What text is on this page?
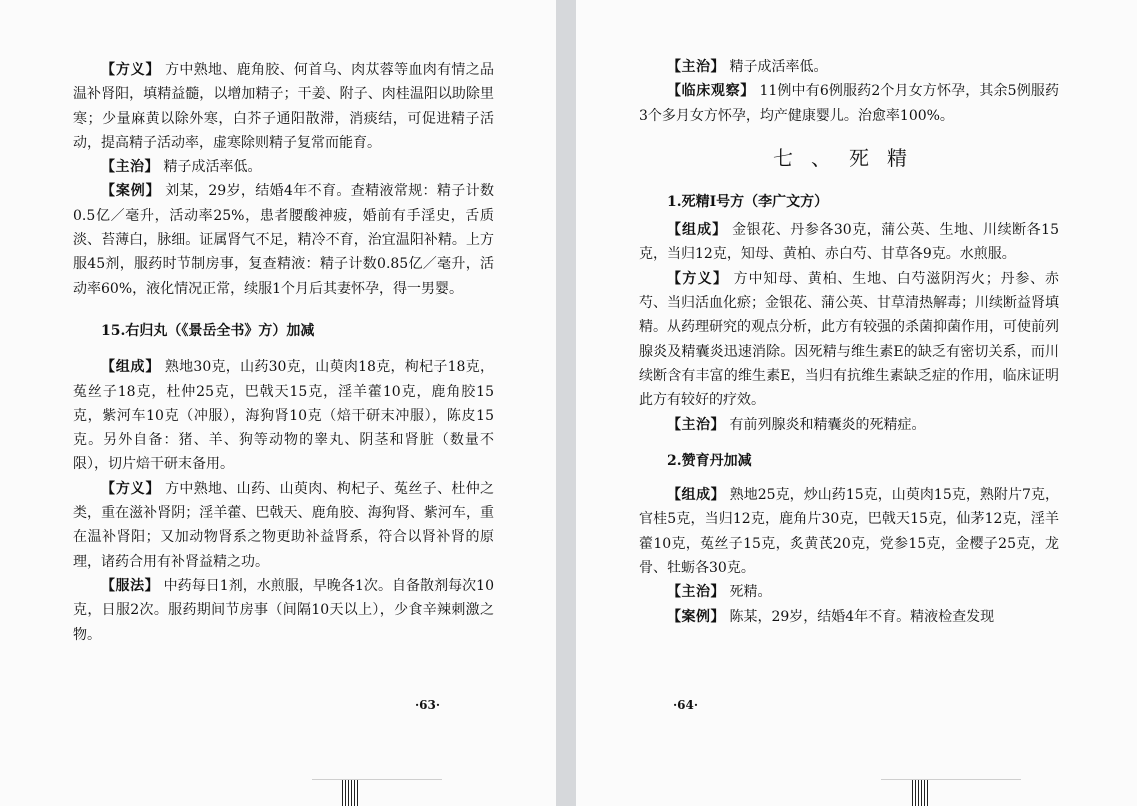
【方义】 方中熟地、鹿角胶、何首乌、肉苁蓉等血肉有情之品温补肾阳，填精益髓，以增加精子；干姜、附子、肉桂温阳以助除里寒；少量麻黄以除外寒，白芥子通阳散滞，消痰结，可促进精子活动，提高精子活动率，虚寒除则精子复常而能育。

【主治】 精子成活率低。

【案例】 刘某，29岁，结婚4年不育。查精液常规：精子计数0.5亿／毫升，活动率25%，患者腰酸神疲，婚前有手淫史，舌质淡、苔薄白，脉细。证属肾气不足，精冷不育，治宜温阳补精。上方服45剂，服药时节制房事，复查精液：精子计数0.85亿／毫升，活动率60%，液化情况正常，续服1个月后其妻怀孕，得一男婴。

15.右归丸（《景岳全书》方）加减

【组成】 熟地30克，山药30克，山萸肉18克，枸杞子18克，菟丝子18克，杜仲25克，巴戟天15克，淫羊藿10克，鹿角胶15克，紫河车10克（冲服），海狗肾10克（焙干研末冲服），陈皮15克。另外自备：猪、羊、狗等动物的睾丸、阴茎和肾脏（数量不限），切片焙干研末备用。

【方义】 方中熟地、山药、山萸肉、枸杞子、菟丝子、杜仲之类，重在滋补肾阴；淫羊藿、巴戟天、鹿角胶、海狗肾、紫河车，重在温补肾阳；又加动物肾系之物更助补益肾系，符合以肾补肾的原理，诸药合用有补肾益精之功。

【服法】 中药每日1剂，水煎服，早晚各1次。自备散剂每次10克，日服2次。服药期间节房事（间隔10天以上），少食辛辣刺激之物。

·63·

【主治】 精子成活率低。

【临床观察】 11例中有6例服药2个月女方怀孕，其余5例服药3个多月女方怀孕，均产健康婴儿。治愈率100%。

七、死精

1.死精Ⅰ号方（李广文方）

【组成】 金银花、丹参各30克，蒲公英、生地、川续断各15克，当归12克，知母、黄柏、赤白芍、甘草各9克。水煎服。

【方义】 方中知母、黄柏、生地、白芍滋阴泻火；丹参、赤芍、当归活血化瘀；金银花、蒲公英、甘草清热解毒；川续断益肾填精。从药理研究的观点分析，此方有较强的杀菌抑菌作用，可使前列腺炎及精囊炎迅速消除。因死精与维生素E的缺乏有密切关系，而川续断含有丰富的维生素E，当归有抗维生素缺乏症的作用，临床证明此方有较好的疗效。

【主治】 有前列腺炎和精囊炎的死精症。

2.赞育丹加减

【组成】 熟地25克，炒山药15克，山萸肉15克，熟附片7克，官桂5克，当归12克，鹿角片30克，巴戟天15克，仙茅12克，淫羊藿10克，菟丝子15克，炙黄芪20克，党参15克，金樱子25克，龙骨、牡蛎各30克。

【主治】 死精。

【案例】 陈某，29岁，结婚4年不育。精液检查发现

·64·
